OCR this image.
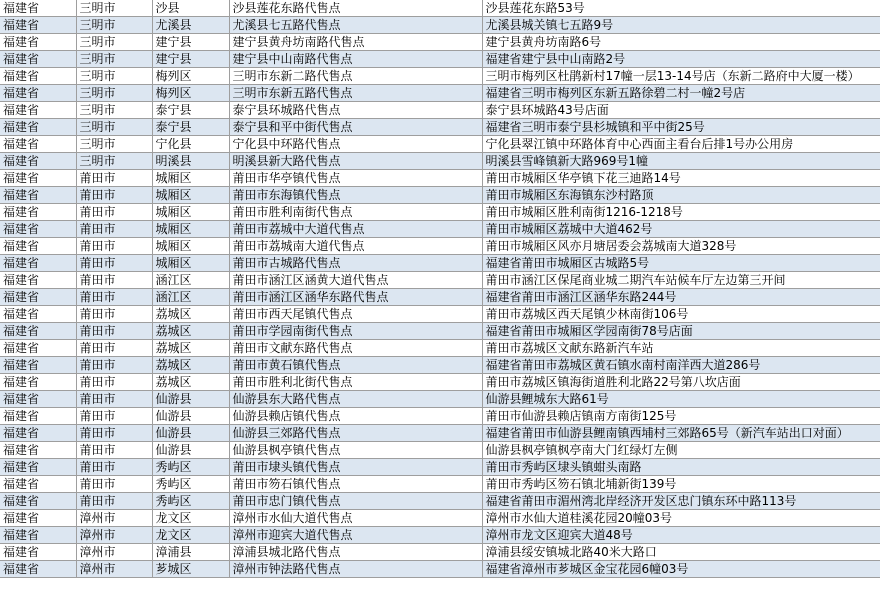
福建省	三明市	沙县	沙县莲花东路代售点	沙县莲花东路53号
福建省	三明市	尤溪县	尤溪县七五路代售点	尤溪县城关镇七五路9号
福建省	三明市	建宁县	建宁县黄舟坊南路代售点	建宁县黄舟坊南路6号
福建省	三明市	建宁县	建宁县中山南路代售点	福建省建宁县中山南路2号
福建省	三明市	梅列区	三明市东新二路代售点	三明市梅列区杜鹃新村17幢一层13-14号店（东新二路府中大厦一楼）
福建省	三明市	梅列区	三明市东新五路代售点	福建省三明市梅列区东新五路徐碧二村一幢2号店
福建省	三明市	泰宁县	泰宁县环城路代售点	泰宁县环城路43号店面
福建省	三明市	泰宁县	泰宁县和平中街代售点	福建省三明市泰宁县杉城镇和平中街25号
福建省	三明市	宁化县	宁化县中环路代售点	宁化县翠江镇中环路体育中心西面主看台后排1号办公用房
福建省	三明市	明溪县	明溪县新大路代售点	明溪县雪峰镇新大路969号1幢
福建省	莆田市	城厢区	莆田市华亭镇代售点	莆田市城厢区华亭镇下花三迪路14号
福建省	莆田市	城厢区	莆田市东海镇代售点	莆田市城厢区东海镇东沙村路顶
福建省	莆田市	城厢区	莆田市胜利南街代售点	莆田市城厢区胜利南街1216-1218号
福建省	莆田市	城厢区	莆田市荔城中大道代售点	莆田市城厢区荔城中大道462号
福建省	莆田市	城厢区	莆田市荔城南大道代售点	莆田市城厢区风亦月塘居委会荔城南大道328号
福建省	莆田市	城厢区	莆田市古城路代售点	福建省莆田市城厢区古城路5号
福建省	莆田市	涵江区	莆田市涵江区涵黄大道代售点	莆田市涵江区保尾商业城二期汽车站候车厅左边第三开间
福建省	莆田市	涵江区	莆田市涵江区涵华东路代售点	福建省莆田市涵江区涵华东路244号
福建省	莆田市	荔城区	莆田市西天尾镇代售点	莆田市荔城区西天尾镇少林南街106号
福建省	莆田市	荔城区	莆田市学园南街代售点	福建省莆田市城厢区学园南街78号店面
福建省	莆田市	荔城区	莆田市文献东路代售点	莆田市荔城区文献东路新汽车站
福建省	莆田市	荔城区	莆田市黄石镇代售点	福建省莆田市荔城区黄石镇水南村南洋西大道286号
福建省	莆田市	荔城区	莆田市胜利北街代售点	莆田市荔城区镇海街道胜利北路22号第八坎店面
福建省	莆田市	仙游县	仙游县东大路代售点	仙游县鲤城东大路61号
福建省	莆田市	仙游县	仙游县赖店镇代售点	莆田市仙游县赖店镇南方南街125号
福建省	莆田市	仙游县	仙游县三郊路代售点	福建省莆田市仙游县鲤南镇西埔村三郊路65号（新汽车站出口对面）
福建省	莆田市	仙游县	仙游县枫亭镇代售点	仙游县枫亭镇枫亭南大门红绿灯左侧
福建省	莆田市	秀屿区	莆田市埭头镇代售点	莆田市秀屿区埭头镇蚶头南路
福建省	莆田市	秀屿区	莆田市笏石镇代售点	莆田市秀屿区笏石镇北埔新街139号
福建省	莆田市	秀屿区	莆田市忠门镇代售点	福建省莆田市湄州湾北岸经济开发区忠门镇东环中路113号
福建省	漳州市	龙文区	漳州市水仙大道代售点	漳州市水仙大道桂溪花园20幢03号
福建省	漳州市	龙文区	漳州市迎宾大道代售点	漳州市龙文区迎宾大道48号
福建省	漳州市	漳浦县	漳浦县城北路代售点	漳浦县绥安镇城北路40米大路口
福建省	漳州市	芗城区	漳州市钟法路代售点	福建省漳州市芗城区金宝花园6幢03号
